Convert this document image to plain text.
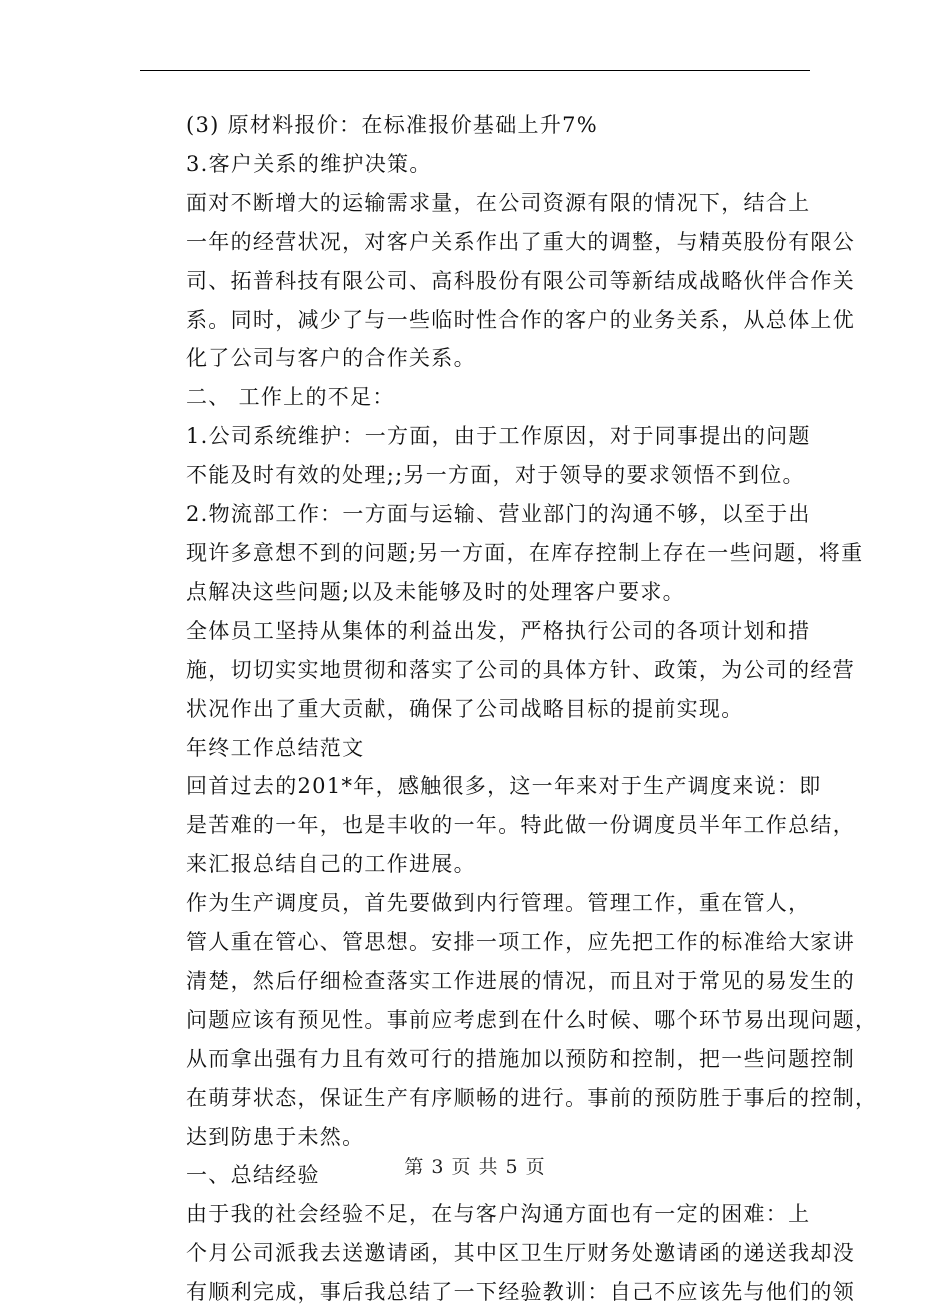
(3) 原材料报价：在标准报价基础上升7%

3.客户关系的维护决策。

面对不断增大的运输需求量，在公司资源有限的情况下，结合上
一年的经营状况，对客户关系作出了重大的调整，与精英股份有限公
司、拓普科技有限公司、高科股份有限公司等新结成战略伙伴合作关
系。同时，减少了与一些临时性合作的客户的业务关系，从总体上优
化了公司与客户的合作关系。

二、 工作上的不足：

1.公司系统维护：一方面，由于工作原因，对于同事提出的问题
不能及时有效的处理;;另一方面，对于领导的要求领悟不到位。

2.物流部工作：一方面与运输、营业部门的沟通不够，以至于出
现许多意想不到的问题;另一方面，在库存控制上存在一些问题，将重
点解决这些问题;以及未能够及时的处理客户要求。

全体员工坚持从集体的利益出发，严格执行公司的各项计划和措
施，切切实实地贯彻和落实了公司的具体方针、政策，为公司的经营
状况作出了重大贡献，确保了公司战略目标的提前实现。

年终工作总结范文

回首过去的201*年，感触很多，这一年来对于生产调度来说：即
是苦难的一年，也是丰收的一年。特此做一份调度员半年工作总结，
来汇报总结自己的工作进展。

作为生产调度员，首先要做到内行管理。管理工作，重在管人，
管人重在管心、管思想。安排一项工作，应先把工作的标准给大家讲
清楚，然后仔细检查落实工作进展的情况，而且对于常见的易发生的
问题应该有预见性。事前应考虑到在什么时候、哪个环节易出现问题，
从而拿出强有力且有效可行的措施加以预防和控制，把一些问题控制
在萌芽状态，保证生产有序顺畅的进行。事前的预防胜于事后的控制，
达到防患于未然。

一、总结经验

由于我的社会经验不足，在与客户沟通方面也有一定的困难：上
个月公司派我去送邀请函，其中区卫生厅财务处邀请函的递送我却没
有顺利完成，事后我总结了一下经验教训：自己不应该先与他们的领

第 3 页 共 5 页
